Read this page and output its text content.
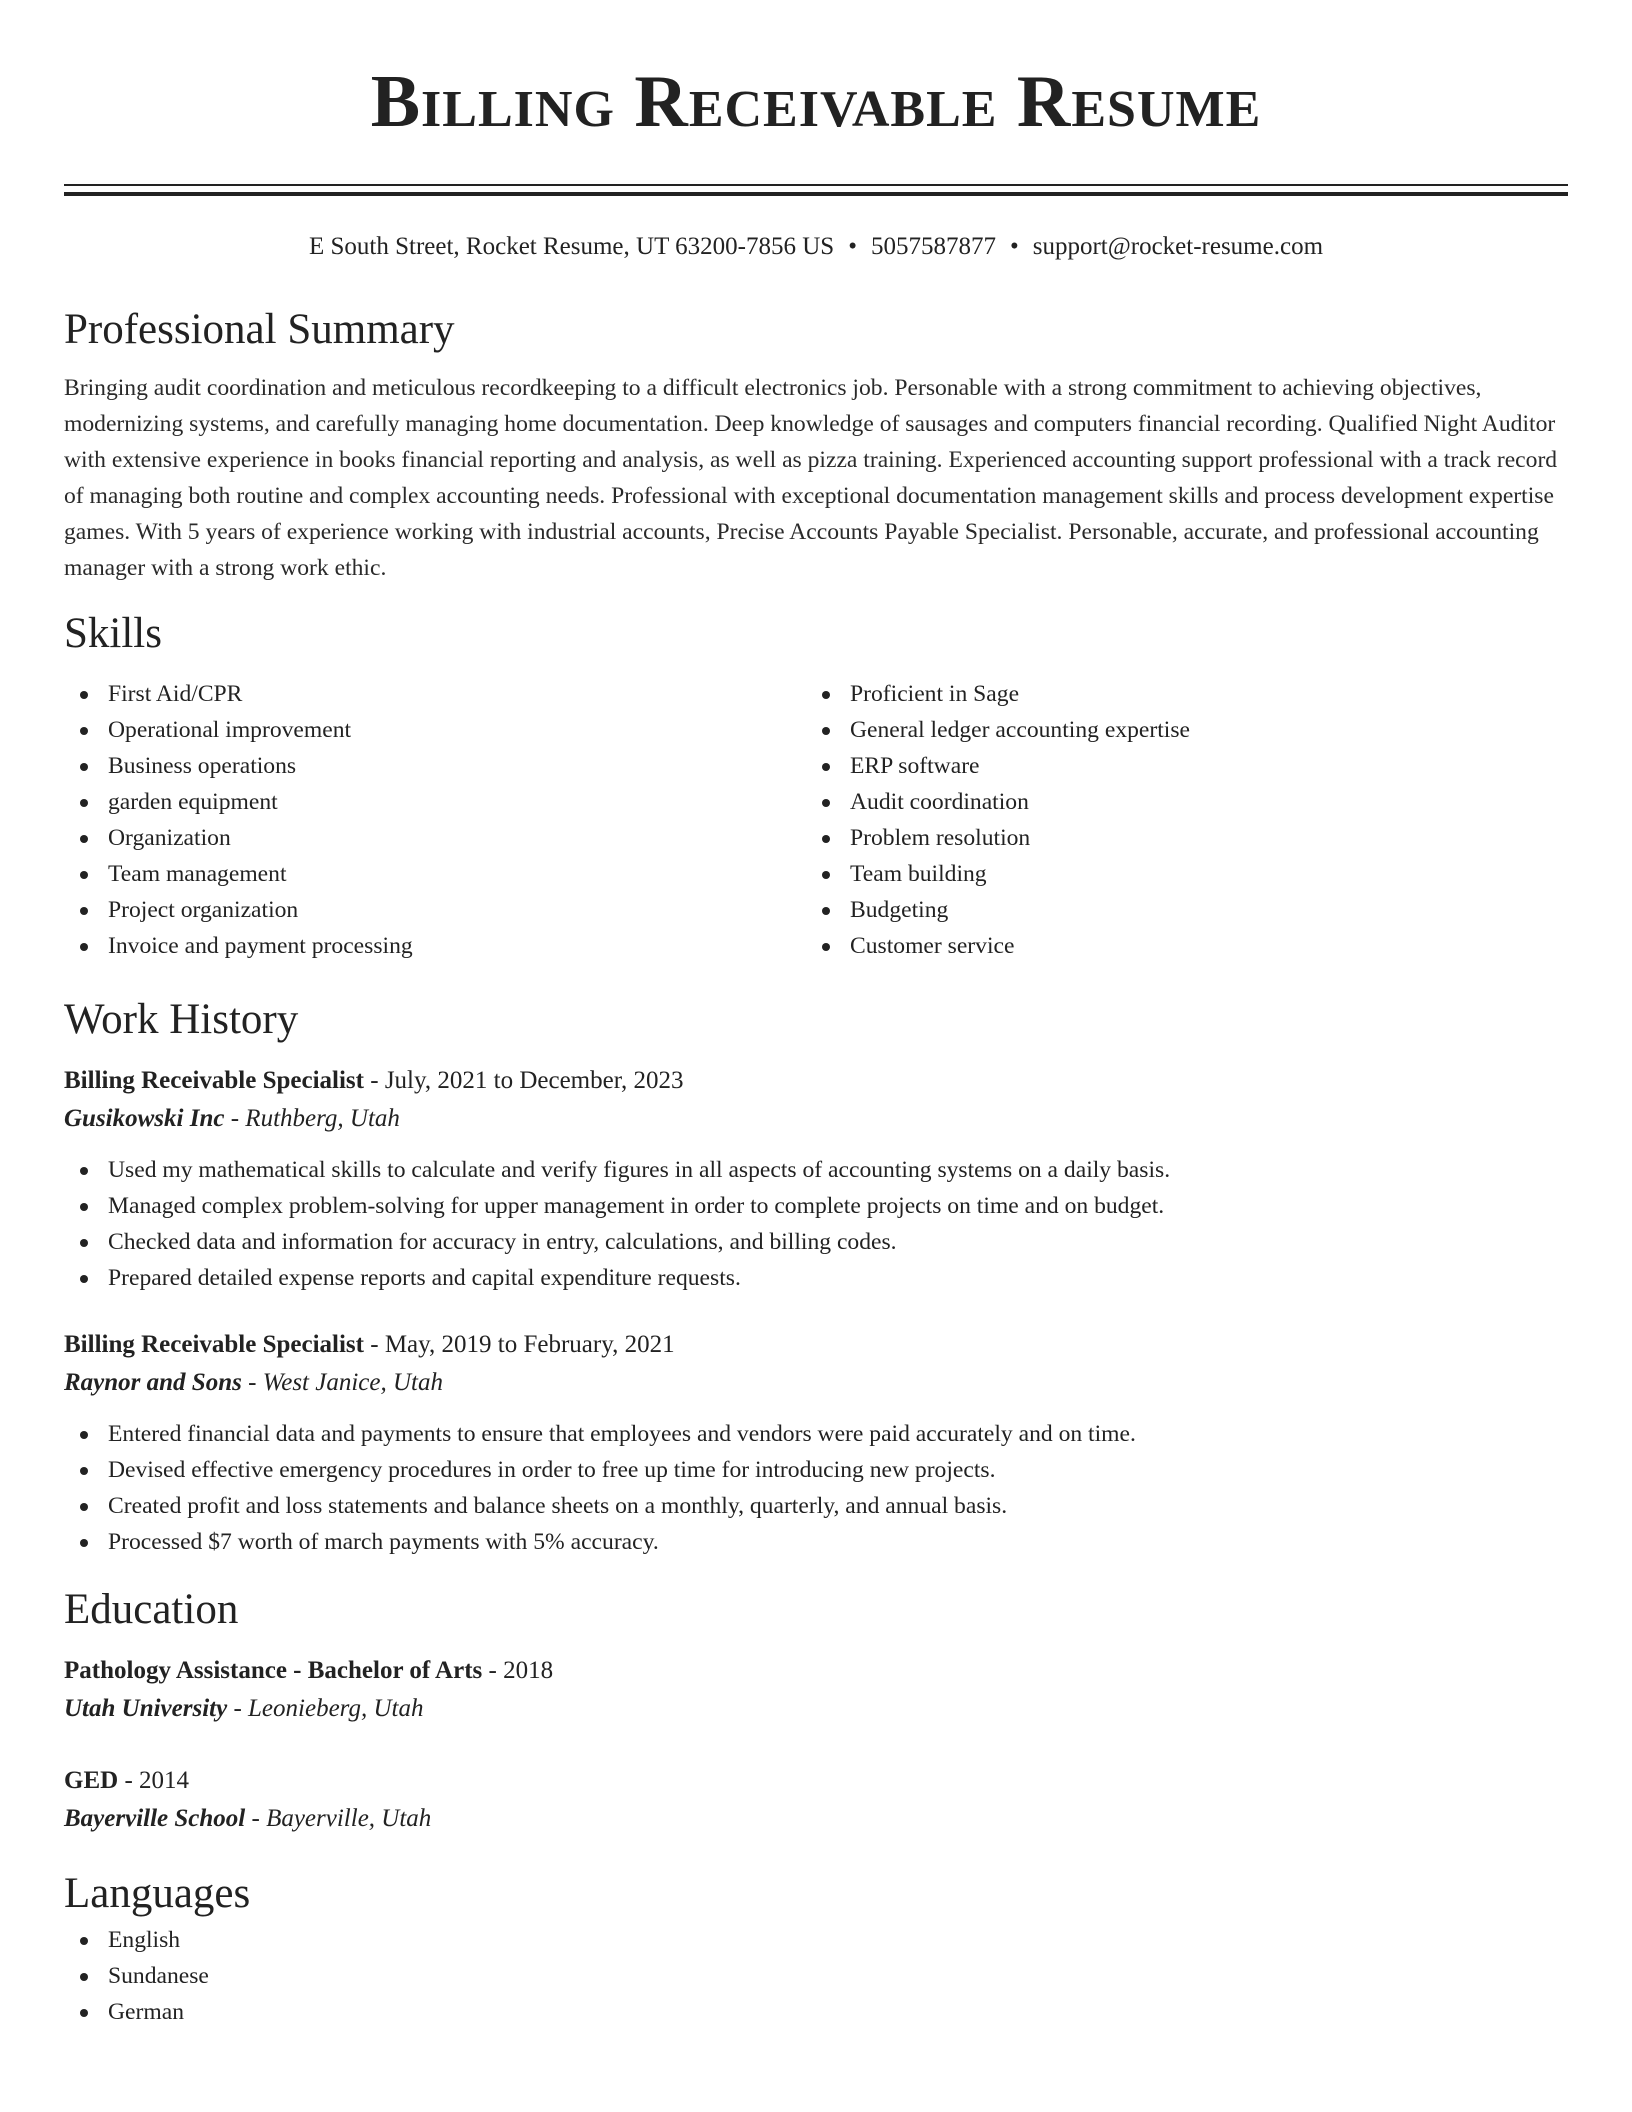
Billing Receivable Resume
E South Street, Rocket Resume, UT 63200-7856 US • 5057587877 • support@rocket-resume.com
Professional Summary
Bringing audit coordination and meticulous recordkeeping to a difficult electronics job. Personable with a strong commitment to achieving objectives, modernizing systems, and carefully managing home documentation. Deep knowledge of sausages and computers financial recording. Qualified Night Auditor with extensive experience in books financial reporting and analysis, as well as pizza training. Experienced accounting support professional with a track record of managing both routine and complex accounting needs. Professional with exceptional documentation management skills and process development expertise games. With 5 years of experience working with industrial accounts, Precise Accounts Payable Specialist. Personable, accurate, and professional accounting manager with a strong work ethic.
Skills
First Aid/CPR
Operational improvement
Business operations
garden equipment
Organization
Team management
Project organization
Invoice and payment processing
Proficient in Sage
General ledger accounting expertise
ERP software
Audit coordination
Problem resolution
Team building
Budgeting
Customer service
Work History
Billing Receivable Specialist - July, 2021 to December, 2023
Gusikowski Inc - Ruthberg, Utah
Used my mathematical skills to calculate and verify figures in all aspects of accounting systems on a daily basis.
Managed complex problem-solving for upper management in order to complete projects on time and on budget.
Checked data and information for accuracy in entry, calculations, and billing codes.
Prepared detailed expense reports and capital expenditure requests.
Billing Receivable Specialist - May, 2019 to February, 2021
Raynor and Sons - West Janice, Utah
Entered financial data and payments to ensure that employees and vendors were paid accurately and on time.
Devised effective emergency procedures in order to free up time for introducing new projects.
Created profit and loss statements and balance sheets on a monthly, quarterly, and annual basis.
Processed $7 worth of march payments with 5% accuracy.
Education
Pathology Assistance - Bachelor of Arts - 2018
Utah University - Leonieberg, Utah
GED - 2014
Bayerville School - Bayerville, Utah
Languages
English
Sundanese
German
